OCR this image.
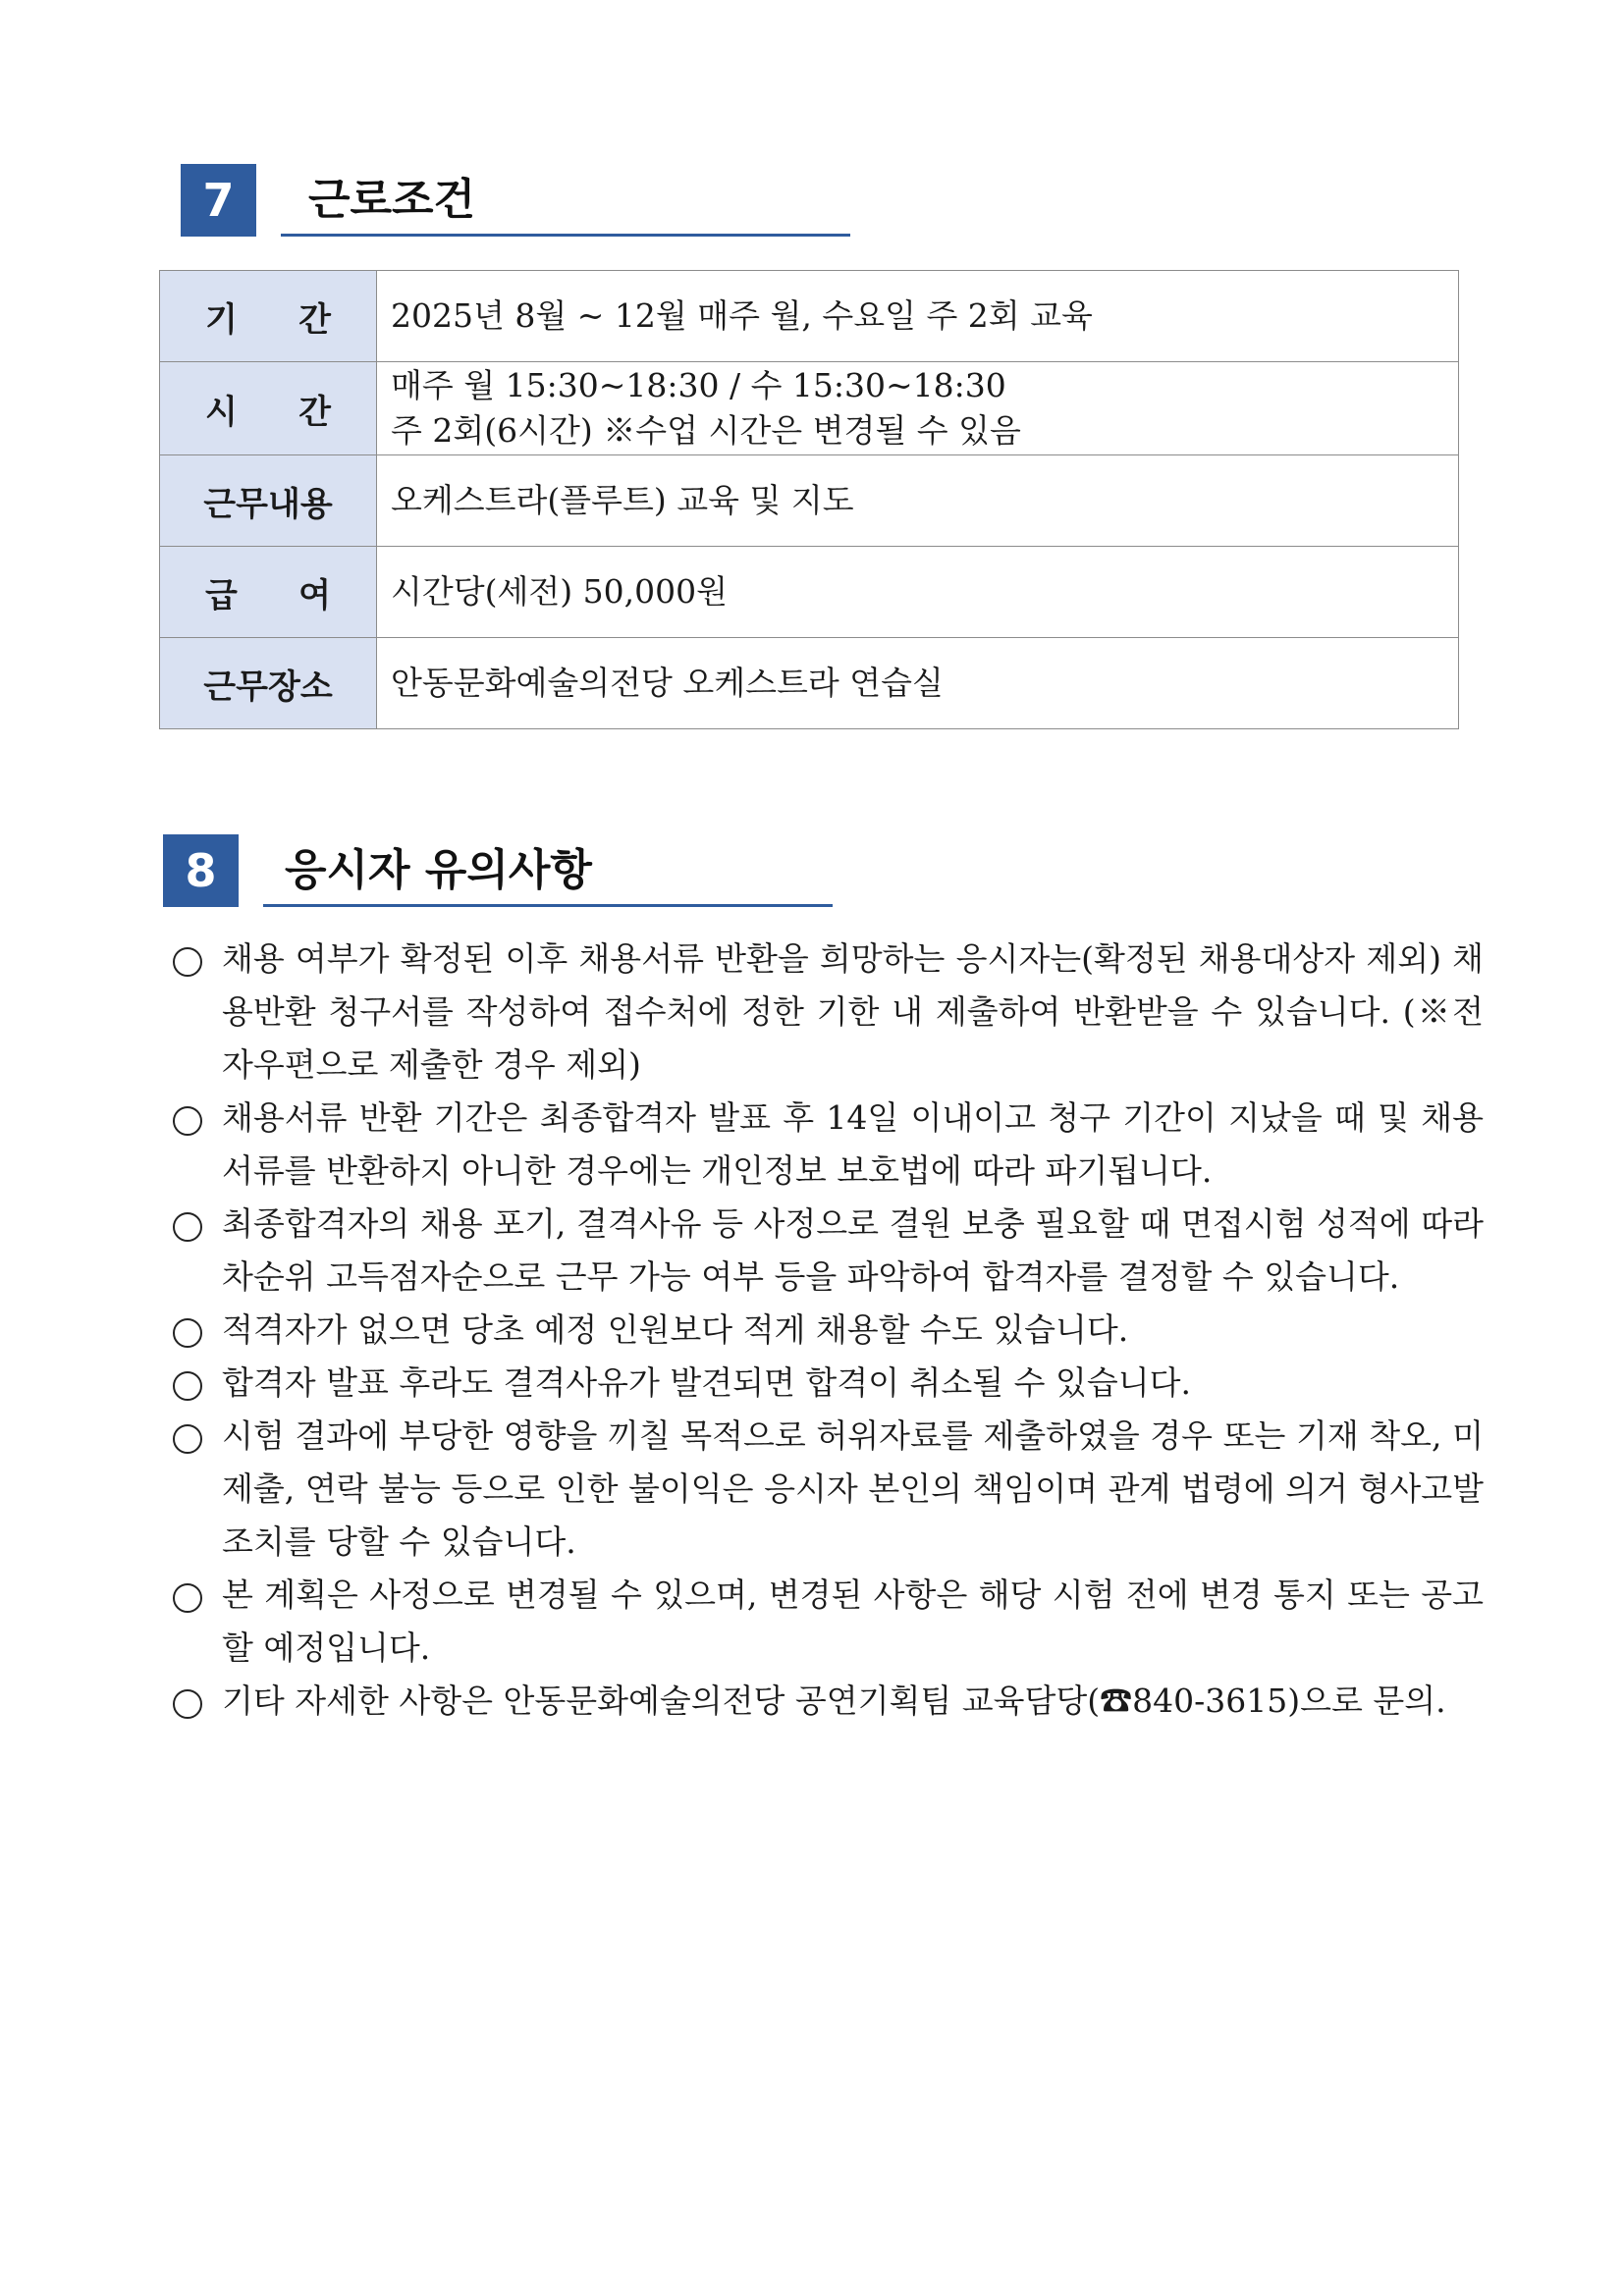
7	근로조건
기 간	2025년 8월 ~ 12월 매주 월, 수요일 주 2회 교육

시 간	매주 월 15:30~18:30 / 수 15:30~18:30
주 2회(6시간) ※수업 시간은 변경될 수 있음

근무내용	오케스트라(플루트) 교육 및 지도

급 여	시간당(세전) 50,000원

근무장소	안동문화예술의전당 오케스트라 연습실
8	응시자 유의사항
채용 여부가 확정된 이후 채용서류 반환을 희망하는 응시자는(확정된 채용대상자 제외) 채용반환 청구서를 작성하여 접수처에 정한 기한 내 제출하여 반환받을 수 있습니다. (※전자우편으로 제출한 경우 제외)
채용서류 반환 기간은 최종합격자 발표 후 14일 이내이고 청구 기간이 지났을 때 및 채용서류를 반환하지 아니한 경우에는 개인정보 보호법에 따라 파기됩니다.
최종합격자의 채용 포기, 결격사유 등 사정으로 결원 보충 필요할 때 면접시험 성적에 따라 차순위 고득점자순으로 근무 가능 여부 등을 파악하여 합격자를 결정할 수 있습니다.
적격자가 없으면 당초 예정 인원보다 적게 채용할 수도 있습니다.
합격자 발표 후라도 결격사유가 발견되면 합격이 취소될 수 있습니다.
시험 결과에 부당한 영향을 끼칠 목적으로 허위자료를 제출하였을 경우 또는 기재 착오, 미제출, 연락 불능 등으로 인한 불이익은 응시자 본인의 책임이며 관계 법령에 의거 형사고발 조치를 당할 수 있습니다.
본 계획은 사정으로 변경될 수 있으며, 변경된 사항은 해당 시험 전에 변경 통지 또는 공고할 예정입니다.
기타 자세한 사항은 안동문화예술의전당 공연기획팀 교육담당(☎840-3615)으로 문의.
